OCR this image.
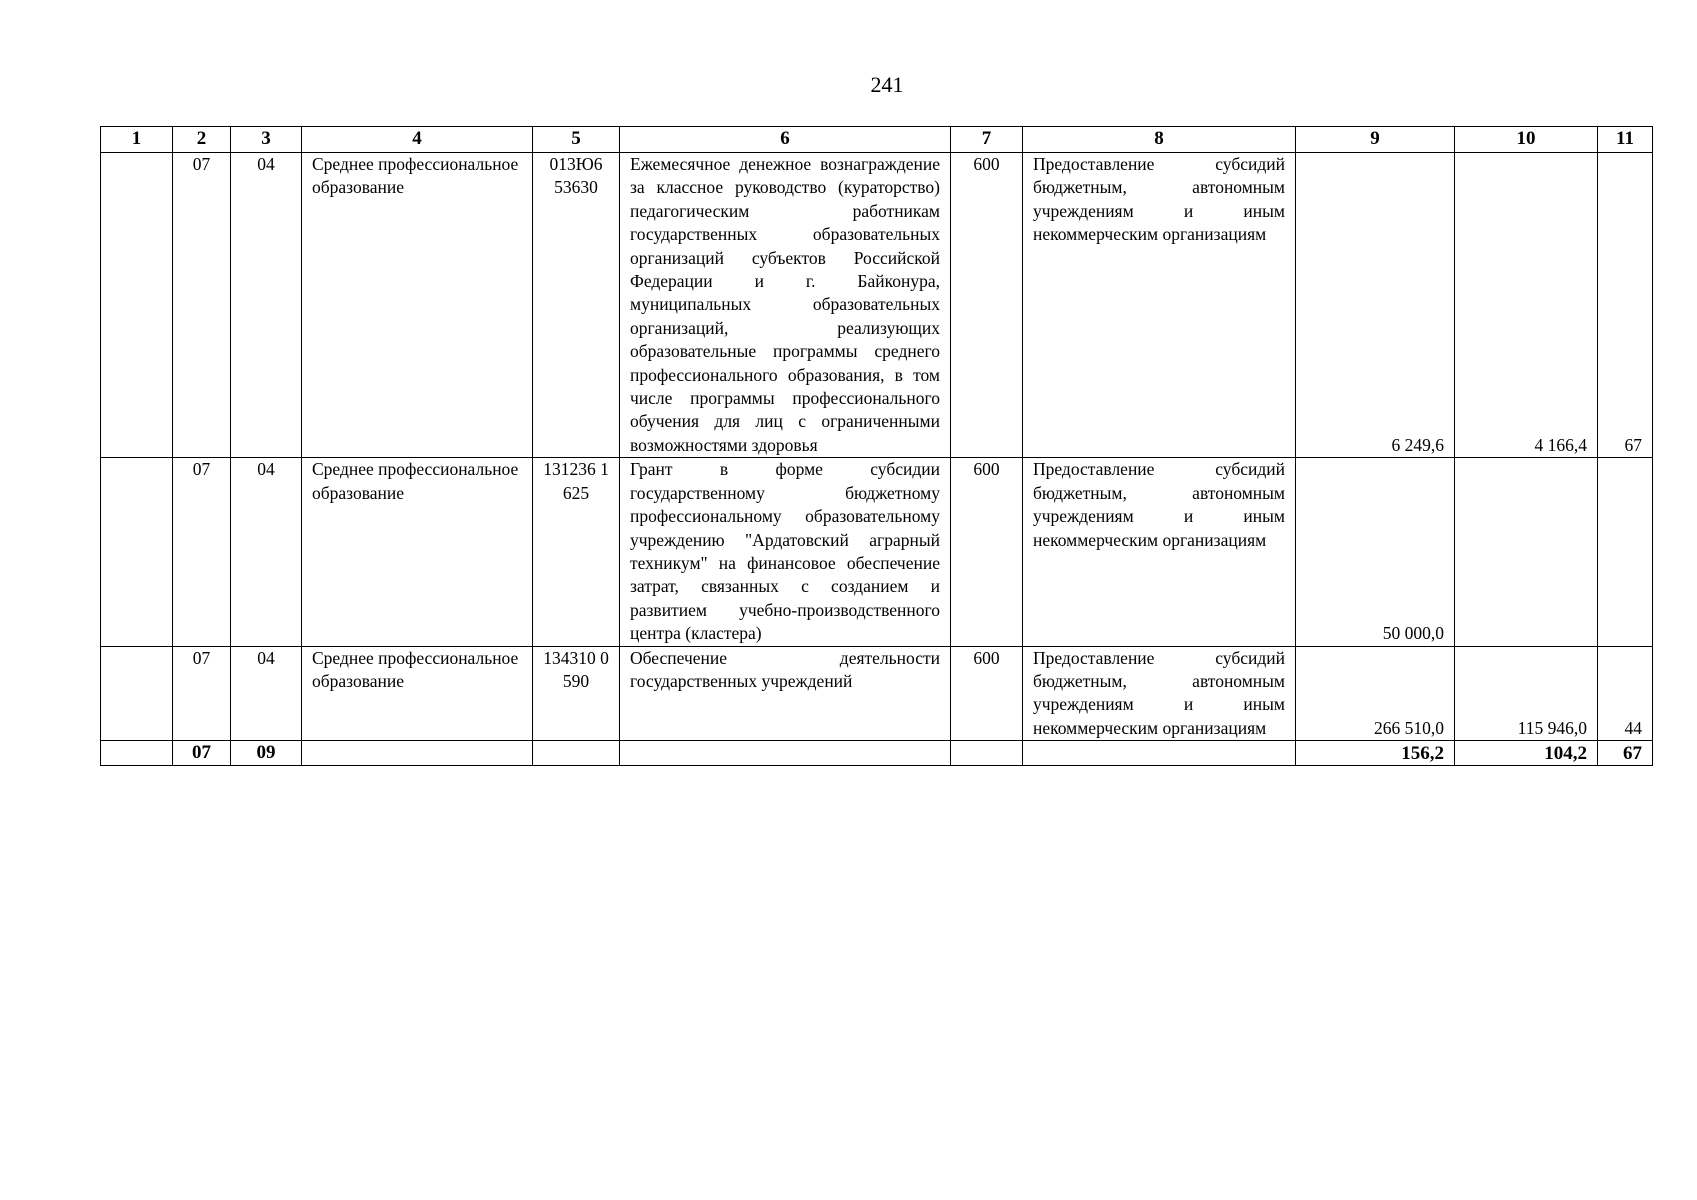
241
1	2	3	4	5	6	7	8	9	10	11
	07	04	Среднее профессиональное образование	013Ю6 53630	Ежемесячное денежное вознаграждение за классное руководство (кураторство) педагогическим работникам государственных образовательных организаций субъектов Российской Федерации и г. Байконура, муниципальных образовательных организаций, реализующих образовательные программы среднего профессионального образования, в том числе программы профессионального обучения для лиц с ограниченными возможностями здоровья	600	Предоставление субсидий бюджетным, автономным учреждениям и иным некоммерческим организациям	6 249,6	4 166,4	67
	07	04	Среднее профессиональное образование	131236 1625	Грант в форме субсидии государственному бюджетному профессиональному образовательному учреждению "Ардатовский аграрный техникум" на финансовое обеспечение затрат, связанных с созданием и развитием учебно-производственного центра (кластера)	600	Предоставление субсидий бюджетным, автономным учреждениям и иным некоммерческим организациям	50 000,0		
	07	04	Среднее профессиональное образование	134310 0590	Обеспечение деятельности государственных учреждений	600	Предоставление субсидий бюджетным, автономным учреждениям и иным некоммерческим организациям	266 510,0	115 946,0	44
	07	09						156,2	104,2	67
